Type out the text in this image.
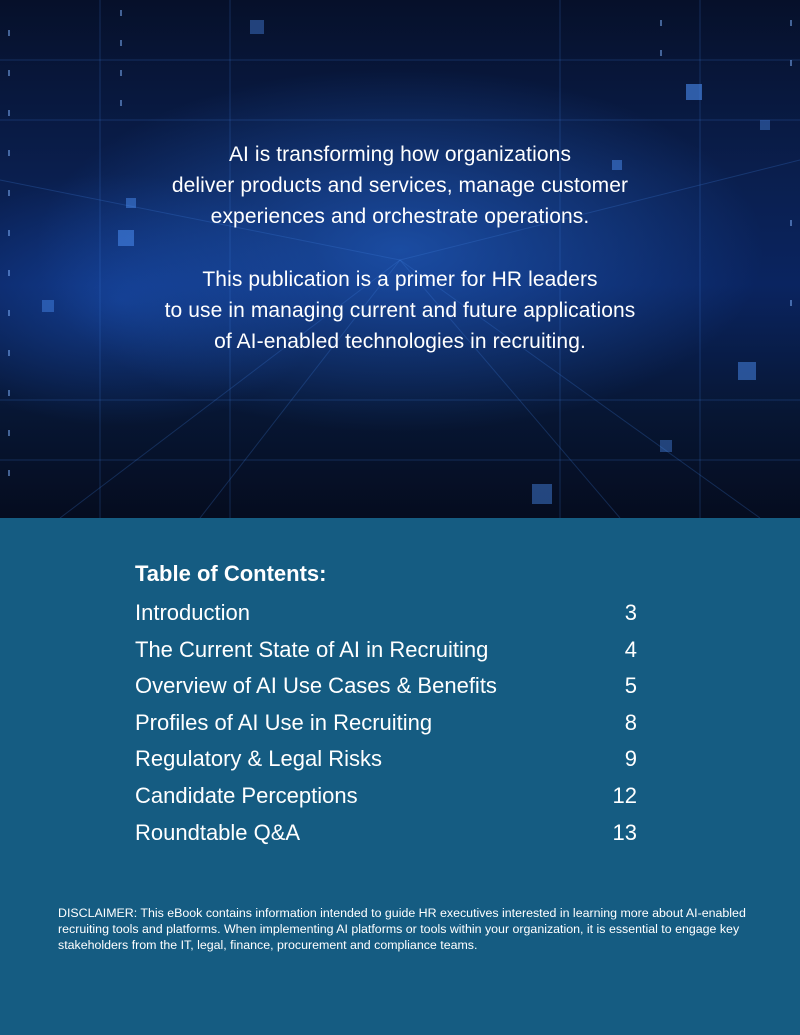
AI is transforming how organizations
deliver products and services, manage customer
experiences and orchestrate operations.
This publication is a primer for HR leaders
to use in managing current and future applications
of AI-enabled technologies in recruiting.
Table of Contents:
Introduction	3
The Current State of AI in Recruiting	4
Overview of AI Use Cases & Benefits	5
Profiles of AI Use in Recruiting	8
Regulatory & Legal Risks	9
Candidate Perceptions	12
Roundtable Q&A	13
DISCLAIMER: This eBook contains information intended to guide HR executives interested in learning more about AI-enabled recruiting tools and platforms. When implementing AI platforms or tools within your organization, it is essential to engage key stakeholders from the IT, legal, finance, procurement and compliance teams.
